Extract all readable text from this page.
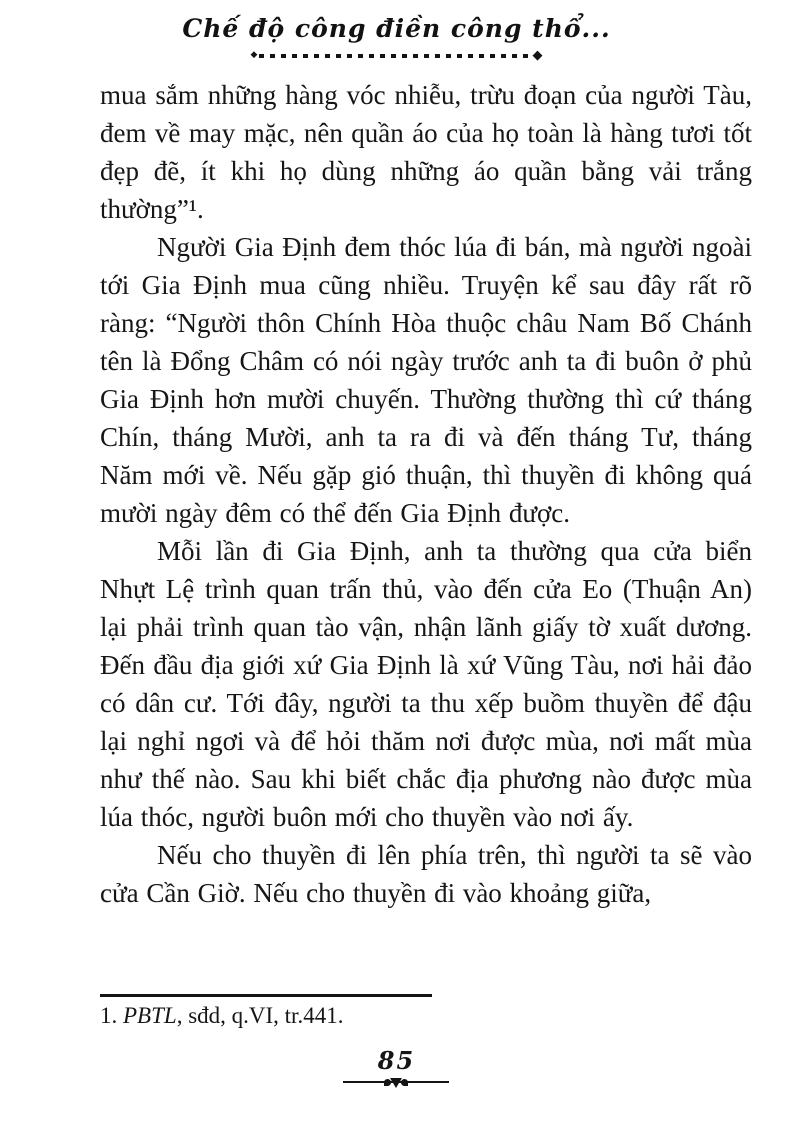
Chế độ công điền công thổ...
◆	◆

mua sắm những hàng vóc nhiễu, trừu đoạn của người Tàu, đem về may mặc, nên quần áo của họ toàn là hàng tươi tốt đẹp đẽ, ít khi họ dùng những áo quần bằng vải trắng thường”¹.

Người Gia Định đem thóc lúa đi bán, mà người ngoài tới Gia Định mua cũng nhiều. Truyện kể sau đây rất rõ ràng: “Người thôn Chính Hòa thuộc châu Nam Bố Chánh tên là Đổng Châm có nói ngày trước anh ta đi buôn ở phủ Gia Định hơn mười chuyến. Thường thường thì cứ tháng Chín, tháng Mười, anh ta ra đi và đến tháng Tư, tháng Năm mới về. Nếu gặp gió thuận, thì thuyền đi không quá mười ngày đêm có thể đến Gia Định được.

Mỗi lần đi Gia Định, anh ta thường qua cửa biển Nhựt Lệ trình quan trấn thủ, vào đến cửa Eo (Thuận An) lại phải trình quan tào vận, nhận lãnh giấy tờ xuất dương. Đến đầu địa giới xứ Gia Định là xứ Vũng Tàu, nơi hải đảo có dân cư. Tới đây, người ta thu xếp buồm thuyền để đậu lại nghỉ ngơi và để hỏi thăm nơi được mùa, nơi mất mùa như thế nào. Sau khi biết chắc địa phương nào được mùa lúa thóc, người buôn mới cho thuyền vào nơi ấy.

Nếu cho thuyền đi lên phía trên, thì người ta sẽ vào cửa Cần Giờ. Nếu cho thuyền đi vào khoảng giữa,

1. PBTL, sđd, q.VI, tr.441.

85
